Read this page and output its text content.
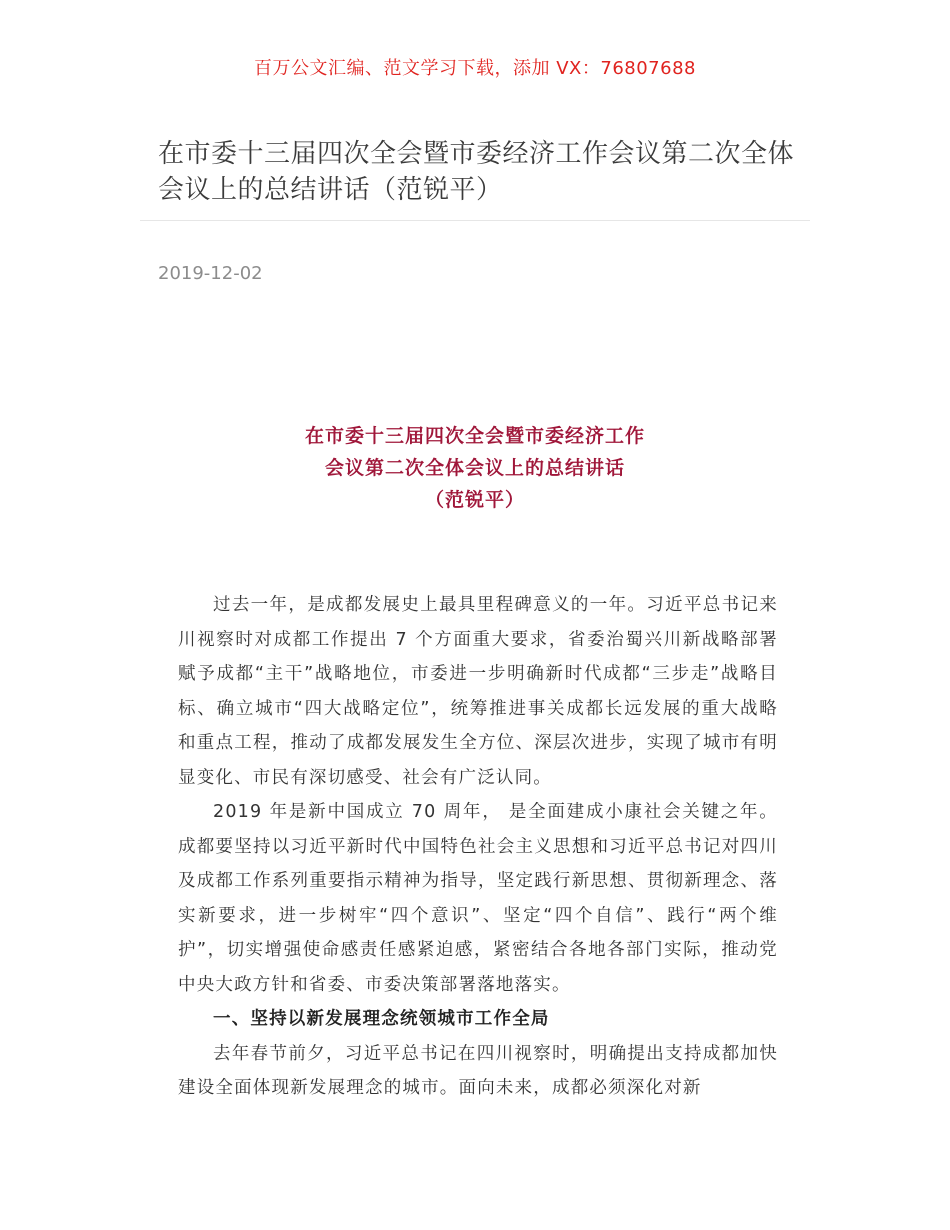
百万公文汇编、范文学习下载，添加 VX：76807688
在市委十三届四次全会暨市委经济工作会议第二次全体会议上的总结讲话（范锐平）
2019-12-02
在市委十三届四次全会暨市委经济工作
会议第二次全体会议上的总结讲话
（范锐平）

过去一年，是成都发展史上最具里程碑意义的一年。习近平总书记来川视察时对成都工作提出 7 个方面重大要求，省委治蜀兴川新战略部署赋予成都“主干”战略地位，市委进一步明确新时代成都“三步走”战略目标、确立城市“四大战略定位”，统筹推进事关成都长远发展的重大战略和重点工程，推动了成都发展发生全方位、深层次进步，实现了城市有明显变化、市民有深切感受、社会有广泛认同。

2019 年是新中国成立 70 周年， 是全面建成小康社会关键之年。成都要坚持以习近平新时代中国特色社会主义思想和习近平总书记对四川及成都工作系列重要指示精神为指导，坚定践行新思想、贯彻新理念、落实新要求，进一步树牢“四个意识”、坚定“四个自信”、践行“两个维护”，切实增强使命感责任感紧迫感，紧密结合各地各部门实际，推动党中央大政方针和省委、市委决策部署落地落实。

一、坚持以新发展理念统领城市工作全局

去年春节前夕，习近平总书记在四川视察时，明确提出支持成都加快建设全面体现新发展理念的城市。面向未来，成都必须深化对新
